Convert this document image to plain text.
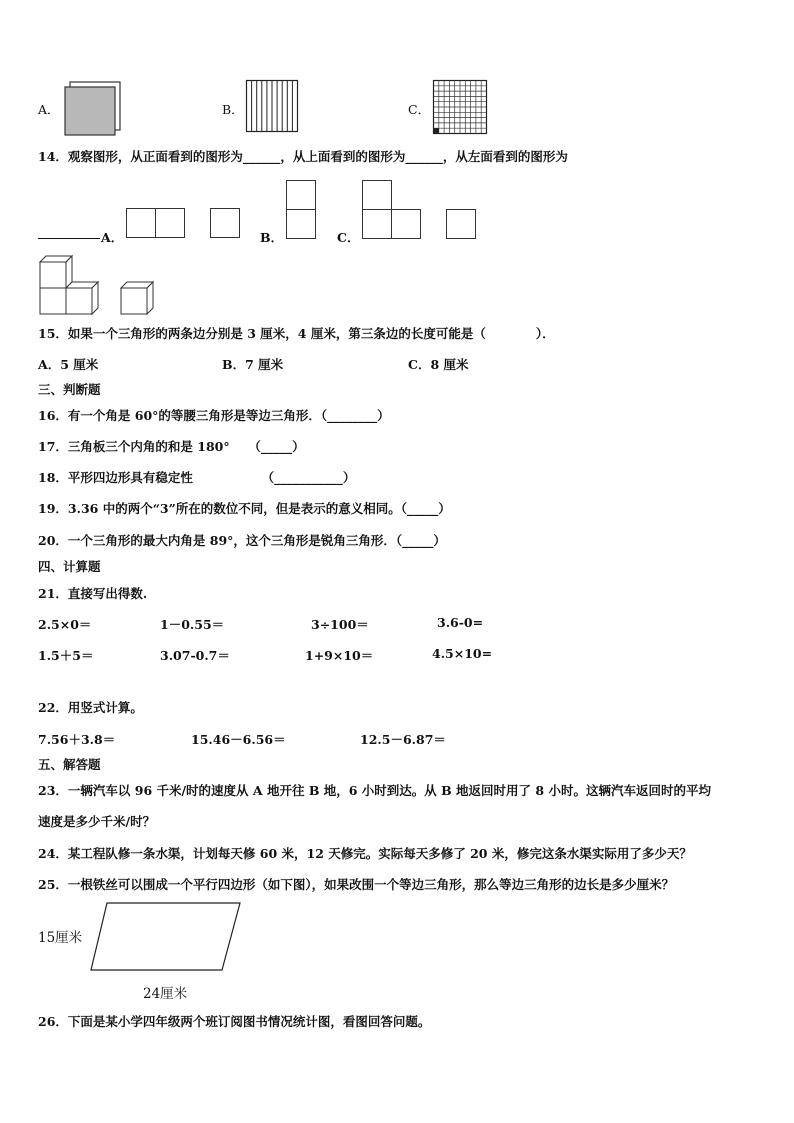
A．	B．	C．
14．观察图形，从正面看到的图形为______，从上面看到的图形为______，从左面看到的图形为
A．	B．	C．
15．如果一个三角形的两条边分别是 3 厘米，4 厘米，第三条边的长度可能是（　　　　）．
A．5 厘米	B．7 厘米	C．8 厘米
三、判断题
16．有一个角是 60°的等腰三角形是等边三角形．（________）
17．三角板三个内角的和是 180°　　（_____）
18．平形四边形具有稳定性　　　　　　（___________）
19．3.36 中的两个“3”所在的数位不同，但是表示的意义相同。（_____）
20．一个三角形的最大内角是 89°，这个三角形是锐角三角形．（_____）
四、计算题
21．直接写出得数.
2.5×0＝	1－0.55＝	3÷100＝	3.6-0=
1.5＋5＝	3.07-0.7＝	1+9×10＝	4.5×10=
22．用竖式计算。
7.56＋3.8＝	15.46－6.56＝	12.5－6.87＝
五、解答题
23．一辆汽车以 96 千米/时的速度从 A 地开往 B 地，6 小时到达。从 B 地返回时用了 8 小时。这辆汽车返回时的平均
速度是多少千米/时？
24．某工程队修一条水渠，计划每天修 60 米，12 天修完。实际每天多修了 20 米，修完这条水渠实际用了多少天？
25．一根铁丝可以围成一个平行四边形（如下图），如果改围一个等边三角形，那么等边三角形的边长是多少厘米？
15厘米
24厘米
26．下面是某小学四年级两个班订阅图书情况统计图，看图回答问题。
